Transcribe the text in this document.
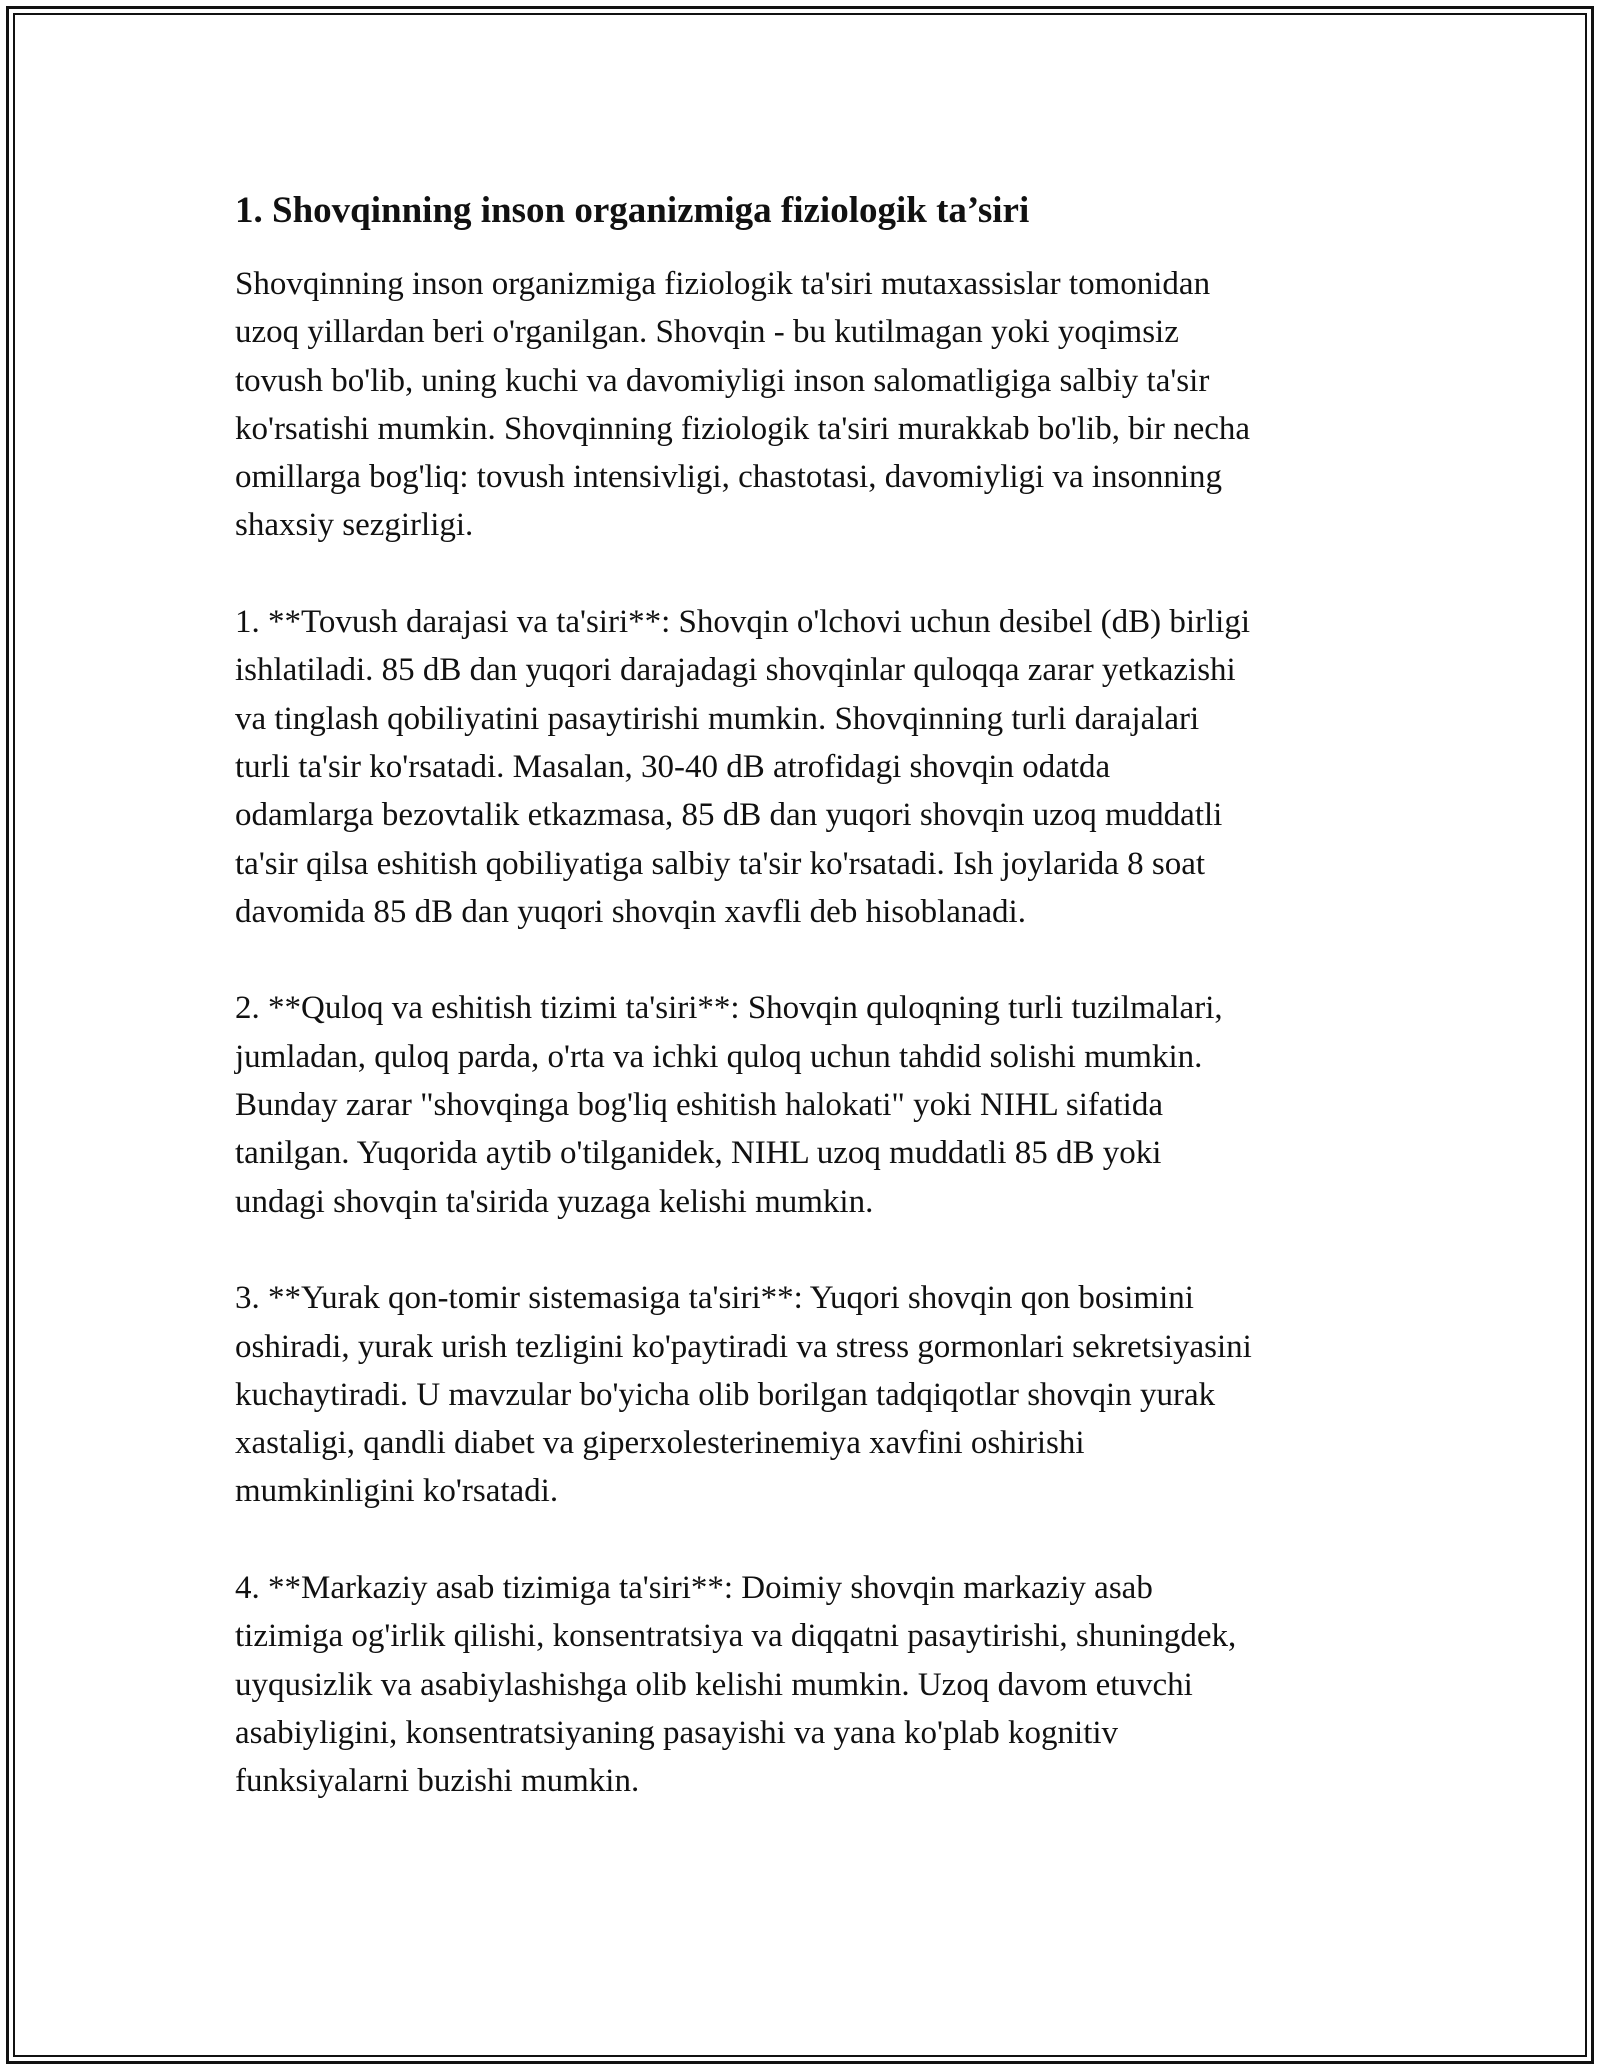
1. Shovqinning inson organizmiga fiziologik ta’siri

Shovqinning inson organizmiga fiziologik ta'siri mutaxassislar tomonidan
uzoq yillardan beri o'rganilgan. Shovqin - bu kutilmagan yoki yoqimsiz
tovush bo'lib, uning kuchi va davomiyligi inson salomatligiga salbiy ta'sir
ko'rsatishi mumkin. Shovqinning fiziologik ta'siri murakkab bo'lib, bir necha
omillarga bog'liq: tovush intensivligi, chastotasi, davomiyligi va insonning
shaxsiy sezgirligi.

1. **Tovush darajasi va ta'siri**: Shovqin o'lchovi uchun desibel (dB) birligi
ishlatiladi. 85 dB dan yuqori darajadagi shovqinlar quloqqa zarar yetkazishi
va tinglash qobiliyatini pasaytirishi mumkin. Shovqinning turli darajalari
turli ta'sir ko'rsatadi. Masalan, 30-40 dB atrofidagi shovqin odatda
odamlarga bezovtalik etkazmasa, 85 dB dan yuqori shovqin uzoq muddatli
ta'sir qilsa eshitish qobiliyatiga salbiy ta'sir ko'rsatadi. Ish joylarida 8 soat
davomida 85 dB dan yuqori shovqin xavfli deb hisoblanadi.

2. **Quloq va eshitish tizimi ta'siri**: Shovqin quloqning turli tuzilmalari,
jumladan, quloq parda, o'rta va ichki quloq uchun tahdid solishi mumkin.
Bunday zarar "shovqinga bog'liq eshitish halokati" yoki NIHL sifatida
tanilgan. Yuqorida aytib o'tilganidek, NIHL uzoq muddatli 85 dB yoki
undagi shovqin ta'sirida yuzaga kelishi mumkin.

3. **Yurak qon-tomir sistemasiga ta'siri**: Yuqori shovqin qon bosimini
oshiradi, yurak urish tezligini ko'paytiradi va stress gormonlari sekretsiyasini
kuchaytiradi. U mavzular bo'yicha olib borilgan tadqiqotlar shovqin yurak
xastaligi, qandli diabet va giperxolesterinemiya xavfini oshirishi
mumkinligini ko'rsatadi.

4. **Markaziy asab tizimiga ta'siri**: Doimiy shovqin markaziy asab
tizimiga og'irlik qilishi, konsentratsiya va diqqatni pasaytirishi, shuningdek,
uyqusizlik va asabiylashishga olib kelishi mumkin. Uzoq davom etuvchi
asabiyligini, konsentratsiyaning pasayishi va yana ko'plab kognitiv
funksiyalarni buzishi mumkin.
